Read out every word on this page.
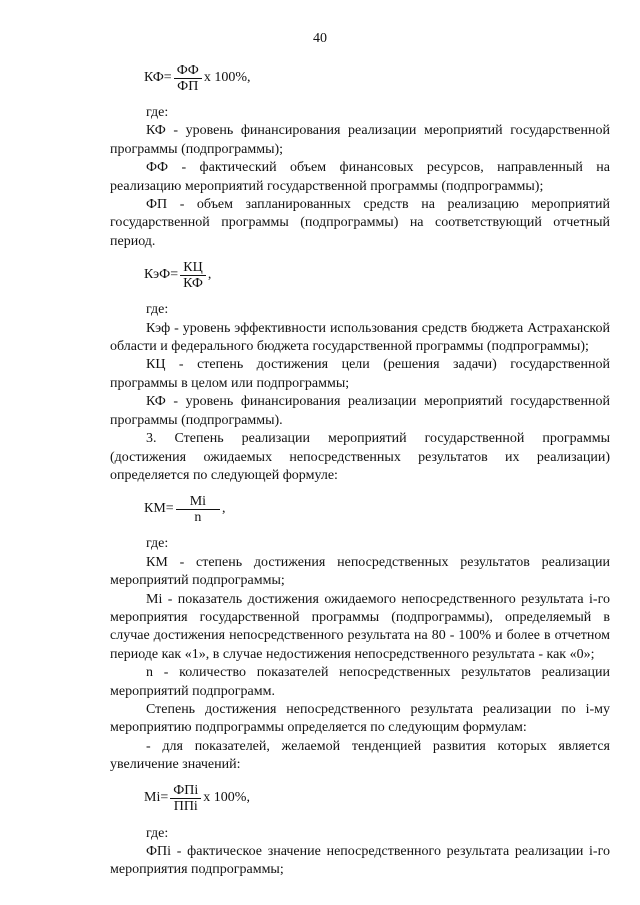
40
$КФ= \frac{ФФ}{ФП}$ х 100%,

где:

КФ - уровень финансирования реализации мероприятий государственной программы (подпрограммы);

ФФ - фактический объем финансовых ресурсов, направленный на реализацию мероприятий государственной программы (подпрограммы);

ФП - объем запланированных средств на реализацию мероприятий государственной программы (подпрограммы) на соответствующий отчетный период.

$КэФ= \frac{КЦ}{КФ}$ ,

где:

Кэф - уровень эффективности использования средств бюджета Астраханской области и федерального бюджета государственной программы (подпрограммы);

КЦ - степень достижения цели (решения задачи) государственной программы в целом или подпрограммы;

КФ - уровень финансирования реализации мероприятий государственной программы (подпрограммы).

3. Степень реализации мероприятий государственной программы (достижения ожидаемых непосредственных результатов их реализации) определяется по следующей формуле:

$КМ= \frac{Mi}{n}$ ,

где:

КМ - степень достижения непосредственных результатов реализации мероприятий подпрограммы;

Mi - показатель достижения ожидаемого непосредственного результата i-го мероприятия государственной программы (подпрограммы), определяемый в случае достижения непосредственного результата на 80 - 100% и более в отчетном периоде как «1», в случае недостижения непосредственного результата - как «0»;

n - количество показателей непосредственных результатов реализации мероприятий подпрограмм.

Степень достижения непосредственного результата реализации по i-му мероприятию подпрограммы определяется по следующим формулам:

- для показателей, желаемой тенденцией развития которых является увеличение значений:

$Mi= \frac{\text{ФПi}}{\text{ППi}}$ х 100%,

где:

ФПi - фактическое значение непосредственного результата реализации i-го мероприятия подпрограммы;
